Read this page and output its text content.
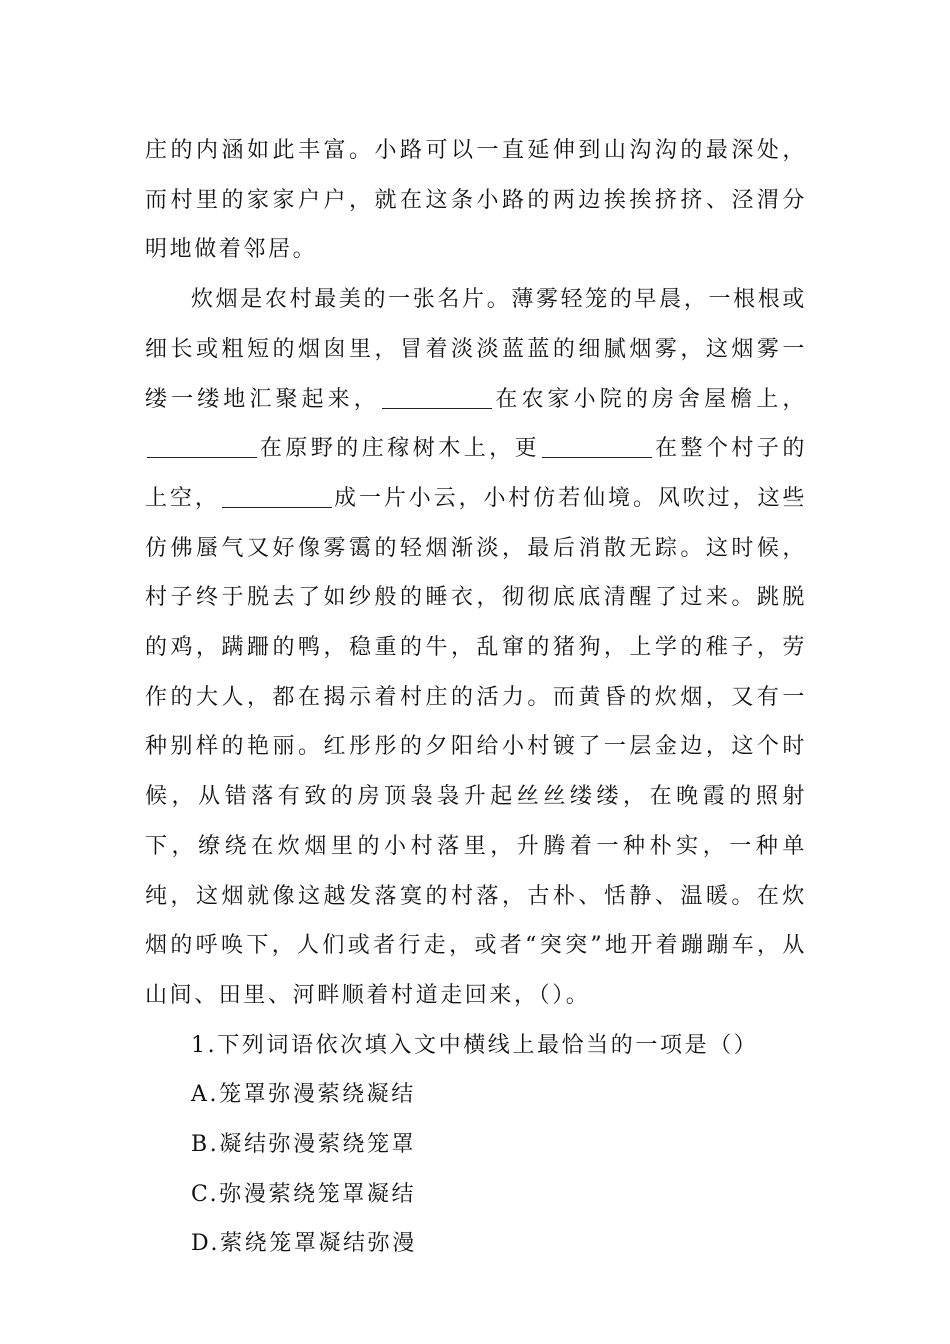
庄的内涵如此丰富。小路可以一直延伸到山沟沟的最深处，而村里的家家户户，就在这条小路的两边挨挨挤挤、泾渭分明地做着邻居。

炊烟是农村最美的一张名片。薄雾轻笼的早晨，一根根或细长或粗短的烟囱里，冒着淡淡蓝蓝的细腻烟雾，这烟雾一缕一缕地汇聚起来，	在农家小院的房舍屋檐上，在原野的庄稼树木上，更	在整个村子的上空，	成一片小云，小村仿若仙境。风吹过，这些仿佛蜃气又好像雾霭的轻烟渐淡，最后消散无踪。这时候，村子终于脱去了如纱般的睡衣，彻彻底底清醒了过来。跳脱的鸡，蹒跚的鸭，稳重的牛，乱窜的猪狗，上学的稚子，劳作的大人，都在揭示着村庄的活力。而黄昏的炊烟，又有一种别样的艳丽。红彤彤的夕阳给小村镀了一层金边，这个时候，从错落有致的房顶袅袅升起丝丝缕缕，在晚霞的照射下，缭绕在炊烟里的小村落里，升腾着一种朴实，一种单纯，这烟就像这越发落寞的村落，古朴、恬静、温暖。在炊烟的呼唤下，人们或者行走，或者“突突”地开着蹦蹦车，从山间、田里、河畔顺着村道走回来，（）。

1.下列词语依次填入文中横线上最恰当的一项是（）

A.笼罩弥漫萦绕凝结

B.凝结弥漫萦绕笼罩

C.弥漫萦绕笼罩凝结

D.萦绕笼罩凝结弥漫
